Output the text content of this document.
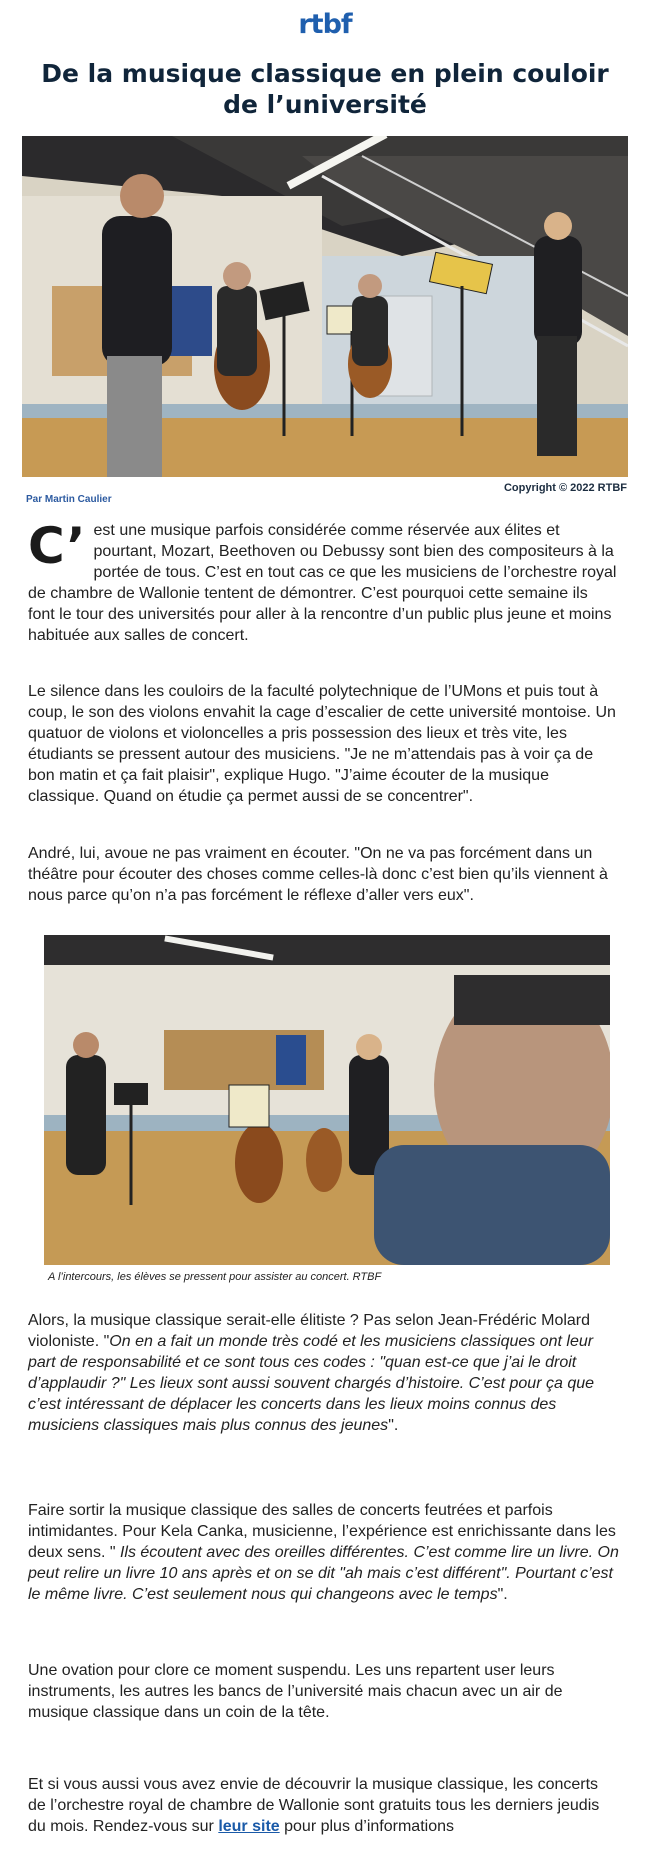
rtbf
De la musique classique en plein couloir de l’université
Par Martin Caulier
Copyright © 2022 RTBF
C’ est une musique parfois considérée comme réservée aux élites et pourtant, Mozart, Beethoven ou Debussy sont bien des compositeurs à la portée de tous. C’est en tout cas ce que les musiciens de l’orchestre royal de chambre de Wallonie tentent de démontrer. C’est pourquoi cette semaine ils font le tour des universités pour aller à la rencontre d’un public plus jeune et moins habituée aux salles de concert.

Le silence dans les couloirs de la faculté polytechnique de l’UMons et puis tout à coup, le son des violons envahit la cage d’escalier de cette université montoise. Un quatuor de violons et violoncelles a pris possession des lieux et très vite, les étudiants se pressent autour des musiciens. "Je ne m’attendais pas à voir ça de bon matin et ça fait plaisir", explique Hugo. "J’aime écouter de la musique classique. Quand on étudie ça permet aussi de se concentrer".

André, lui, avoue ne pas vraiment en écouter. "On ne va pas forcément dans un théâtre pour écouter des choses comme celles-là donc c’est bien qu’ils viennent à nous parce qu’on n’a pas forcément le réflexe d’aller vers eux".

A l’intercours, les élèves se pressent pour assister au concert. RTBF

Alors, la musique classique serait-elle élitiste ? Pas selon Jean-Frédéric Molard violoniste. "On en a fait un monde très codé et les musiciens classiques ont leur part de responsabilité et ce sont tous ces codes : "quan est-ce que j’ai le droit d’applaudir ?" Les lieux sont aussi souvent chargés d’histoire. C’est pour ça que c’est intéressant de déplacer les concerts dans les lieux moins connus des musiciens classiques mais plus connus des jeunes".

Faire sortir la musique classique des salles de concerts feutrées et parfois intimidantes. Pour Kela Canka, musicienne, l’expérience est enrichissante dans les deux sens. " Ils écoutent avec des oreilles différentes. C’est comme lire un livre. On peut relire un livre 10 ans après et on se dit "ah mais c’est différent". Pourtant c’est le même livre. C’est seulement nous qui changeons avec le temps".

Une ovation pour clore ce moment suspendu. Les uns repartent user leurs instruments, les autres les bancs de l’université mais chacun avec un air de musique classique dans un coin de la tête.

Et si vous aussi vous avez envie de découvrir la musique classique, les concerts de l’orchestre royal de chambre de Wallonie sont gratuits tous les derniers jeudis du mois. Rendez-vous sur leur site pour plus d’informations
